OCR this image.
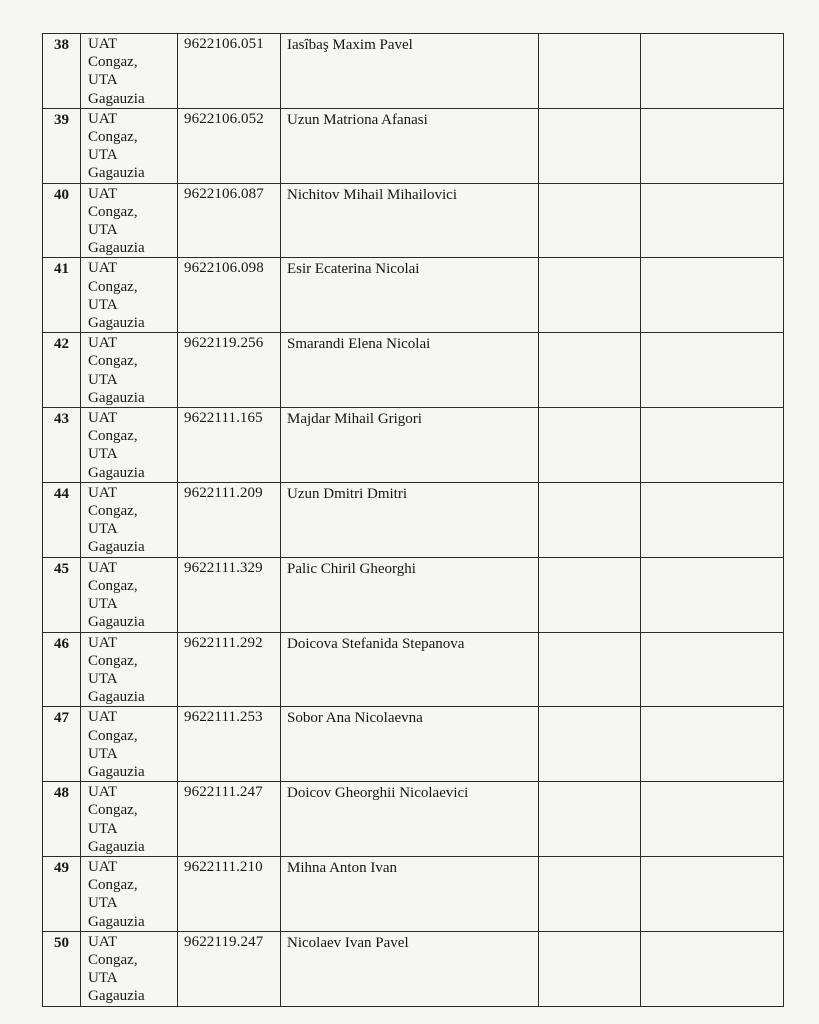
38	UAT
Congaz,
UTA
Gagauzia	9622106.051	Iasîbaş Maxim Pavel		

39	UAT
Congaz,
UTA
Gagauzia	9622106.052	Uzun Matriona Afanasi		

40	UAT
Congaz,
UTA
Gagauzia	9622106.087	Nichitov Mihail Mihailovici		

41	UAT
Congaz,
UTA
Gagauzia	9622106.098	Esir Ecaterina Nicolai		

42	UAT
Congaz,
UTA
Gagauzia	9622119.256	Smarandi Elena Nicolai		

43	UAT
Congaz,
UTA
Gagauzia	9622111.165	Majdar Mihail Grigori		

44	UAT
Congaz,
UTA
Gagauzia	9622111.209	Uzun Dmitri Dmitri		

45	UAT
Congaz,
UTA
Gagauzia	9622111.329	Palic Chiril Gheorghi		

46	UAT
Congaz,
UTA
Gagauzia	9622111.292	Doicova Stefanida Stepanova		

47	UAT
Congaz,
UTA
Gagauzia	9622111.253	Sobor Ana Nicolaevna		

48	UAT
Congaz,
UTA
Gagauzia	9622111.247	Doicov Gheorghii Nicolaevici		

49	UAT
Congaz,
UTA
Gagauzia	9622111.210	Mihna Anton Ivan		

50	UAT
Congaz,
UTA
Gagauzia	9622119.247	Nicolaev Ivan Pavel		
